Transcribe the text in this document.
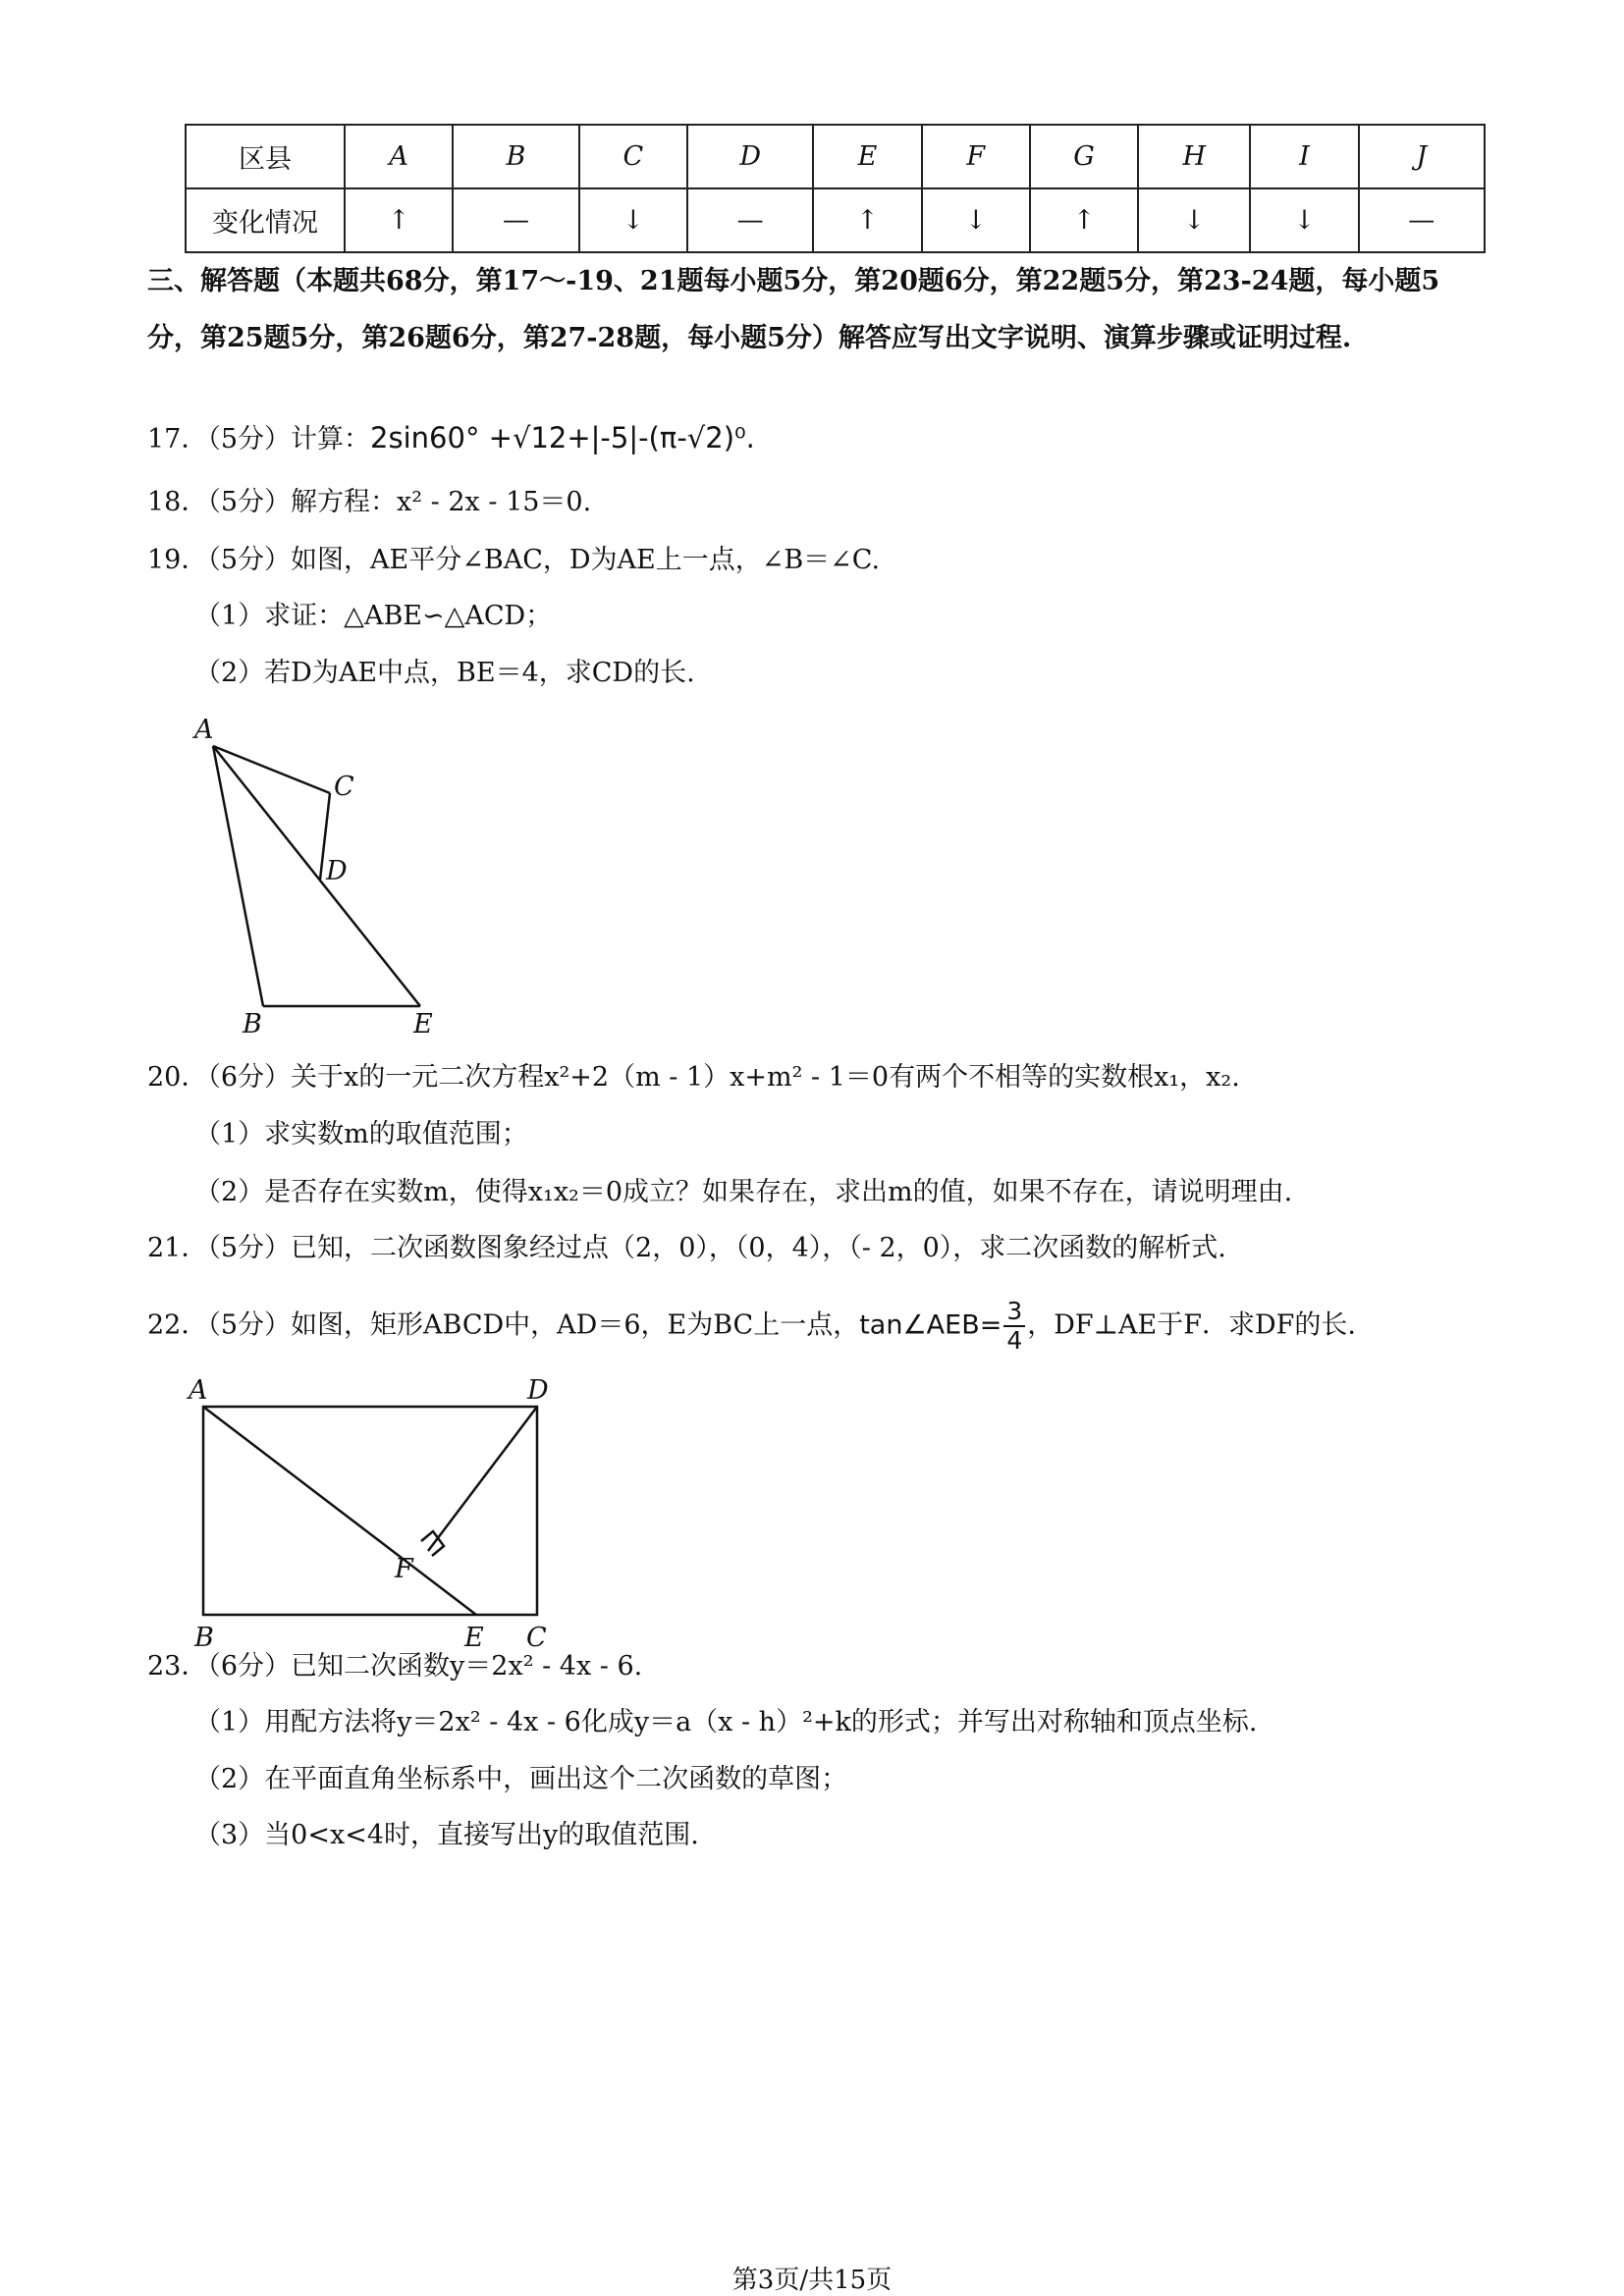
区县	A	B	C	D	E	F	G	H	I	J
变化情况	↑	—	↓	—	↑	↓	↑	↓	↓	—
三、解答题（本题共68分，第17～-19、21题每小题5分，第20题6分，第22题5分，第23-24题，每小题5分，第25题5分，第26题6分，第27-28题，每小题5分）解答应写出文字说明、演算步骤或证明过程.
17．（5分）计算：2sin60° +√12+|-5|-(π-√2)⁰.
18．（5分）解方程：x² - 2x - 15＝0.
19．（5分）如图，AE平分∠BAC，D为AE上一点，∠B＝∠C.
（1）求证：△ABE∽△ACD；
（2）若D为AE中点，BE＝4，求CD的长.
A
C
D
B	E
20．（6分）关于x的一元二次方程x²+2（m - 1）x+m² - 1＝0有两个不相等的实数根x₁，x₂.
（1）求实数m的取值范围；
（2）是否存在实数m，使得x₁x₂＝0成立？如果存在，求出m的值，如果不存在，请说明理由.
21．（5分）已知，二次函数图象经过点（2，0），（0，4），（- 2，0），求二次函数的解析式.
22．（5分）如图，矩形ABCD中，AD＝6，E为BC上一点，tan∠AEB= $\frac{3}{4}$ ，DF⊥AE于F．求DF的长.
A	D
F
B	E C
23．（6分）已知二次函数y＝2x² - 4x - 6.
（1）用配方法将y＝2x² - 4x - 6化成y＝a（x - h）²+k的形式；并写出对称轴和顶点坐标.
（2）在平面直角坐标系中，画出这个二次函数的草图；
（3）当0<x<4时，直接写出y的取值范围.
第3页/共15页
